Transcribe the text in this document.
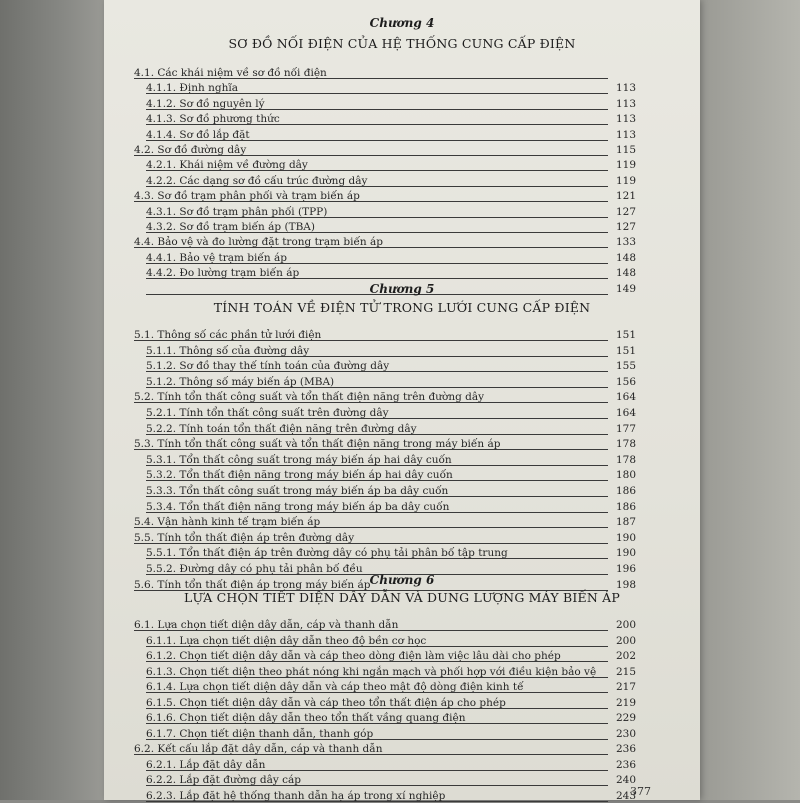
Chương 4
SƠ ĐỒ NỐI ĐIỆN CỦA HỆ THỐNG CUNG CẤP ĐIỆN
4.1. Các khái niệm về sơ đồ nối điện
4.1.1. Định nghĩa	113
4.1.2. Sơ đồ nguyên lý	113
4.1.3. Sơ đồ phương thức	113
4.1.4. Sơ đồ lắp đặt	113
4.2. Sơ đồ đường dây	115
4.2.1. Khái niệm về đường dây	119
4.2.2. Các dạng sơ đồ cấu trúc đường dây	119
4.3. Sơ đồ trạm phân phối và trạm biến áp	121
4.3.1. Sơ đồ trạm phân phối (TPP)	127
4.3.2. Sơ đồ trạm biến áp (TBA)	127
4.4. Bảo vệ và đo lường đặt trong trạm biến áp	133
4.4.1. Bảo vệ trạm biến áp	148
4.4.2. Đo lường trạm biến áp	148
149
Chương 5
TÍNH TOÁN VỀ ĐIỆN TỬ TRONG LƯỚI CUNG CẤP ĐIỆN
5.1. Thông số các phần tử lưới điện	151
5.1.1. Thông số của đường dây	151
5.1.2. Sơ đồ thay thế tính toán của đường dây	155
5.1.2. Thông số máy biến áp (MBA)	156
5.2. Tính tổn thất công suất và tổn thất điện năng trên đường dây	164
5.2.1. Tính tổn thất công suất trên đường dây	164
5.2.2. Tính toán tổn thất điện năng trên đường dây	177
5.3. Tính tổn thất công suất và tổn thất điện năng trong máy biến áp	178
5.3.1. Tổn thất công suất trong máy biến áp hai dây cuốn	178
5.3.2. Tổn thất điện năng trong máy biến áp hai dây cuốn	180
5.3.3. Tổn thất công suất trong máy biến áp ba dây cuốn	186
5.3.4. Tổn thất điện năng trong máy biến áp ba dây cuốn	186
5.4. Vận hành kinh tế trạm biến áp	187
5.5. Tính tổn thất điện áp trên đường dây	190
5.5.1. Tổn thất điện áp trên đường dây có phụ tải phân bố tập trung	190
5.5.2. Đường dây có phụ tải phân bố đều	196
5.6. Tính tổn thất điện áp trong máy biến áp	198
Chương 6
LỰA CHỌN TIẾT DIỆN DÂY DẪN VÀ DUNG LƯỢNG MÁY BIẾN ÁP
6.1. Lựa chọn tiết diện dây dẫn, cáp và thanh dẫn	200
6.1.1. Lựa chọn tiết diện dây dẫn theo độ bền cơ học	200
6.1.2. Chọn tiết diện dây dẫn và cáp theo dòng điện làm việc lâu dài cho phép	202
6.1.3. Chọn tiết diện theo phát nóng khi ngắn mạch và phối hợp với điều kiện bảo vệ 215
6.1.4. Lựa chọn tiết diện dây dẫn và cáp theo mật độ dòng điện kinh tế	217
6.1.5. Chọn tiết diện dây dẫn và cáp theo tổn thất điện áp cho phép	219
6.1.6. Chọn tiết diện dây dẫn theo tổn thất vầng quang điện	229
6.1.7. Chọn tiết diện thanh dẫn, thanh góp	230
6.2. Kết cấu lắp đặt dây dẫn, cáp và thanh dẫn	236
6.2.1. Lắp đặt dây dẫn	236
6.2.2. Lắp đặt đường dây cáp	240
6.2.3. Lắp đặt hệ thống thanh dẫn hạ áp trong xí nghiệp	243
377
